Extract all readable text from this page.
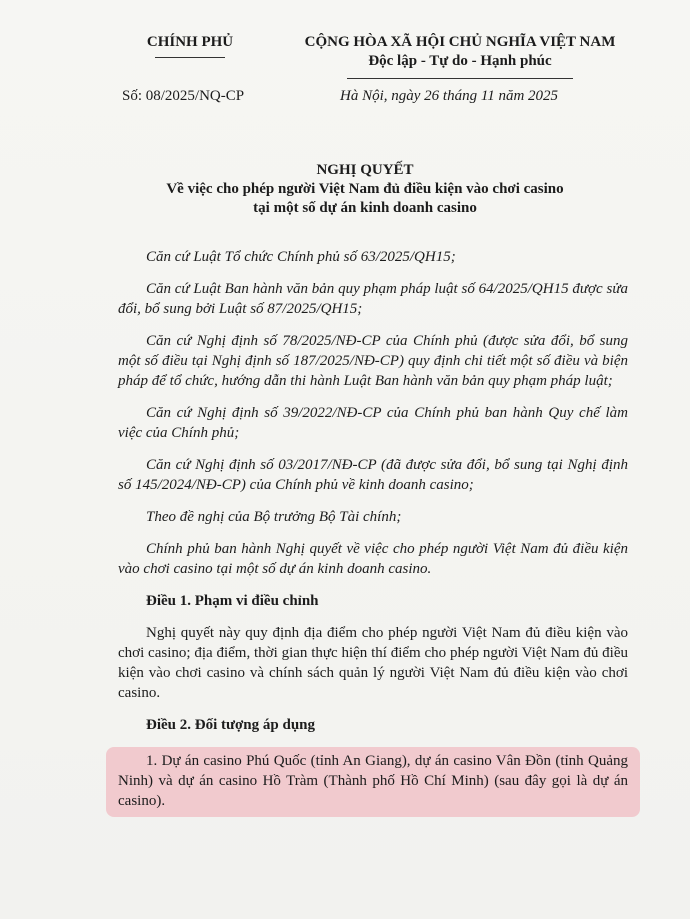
CHÍNH PHỦ	CỘNG HÒA XÃ HỘI CHỦ NGHĨA VIỆT NAM
Độc lập - Tự do - Hạnh phúc
Số: 08/2025/NQ-CP	Hà Nội, ngày 26 tháng 11 năm 2025
NGHỊ QUYẾT
Về việc cho phép người Việt Nam đủ điều kiện vào chơi casino
tại một số dự án kinh doanh casino

Căn cứ Luật Tổ chức Chính phủ số 63/2025/QH15;

Căn cứ Luật Ban hành văn bản quy phạm pháp luật số 64/2025/QH15 được sửa đổi, bổ sung bởi Luật số 87/2025/QH15;

Căn cứ Nghị định số 78/2025/NĐ-CP của Chính phủ (được sửa đổi, bổ sung một số điều tại Nghị định số 187/2025/NĐ-CP) quy định chi tiết một số điều và biện pháp để tổ chức, hướng dẫn thi hành Luật Ban hành văn bản quy phạm pháp luật;

Căn cứ Nghị định số 39/2022/NĐ-CP của Chính phủ ban hành Quy chế làm việc của Chính phủ;

Căn cứ Nghị định số 03/2017/NĐ-CP (đã được sửa đổi, bổ sung tại Nghị định số 145/2024/NĐ-CP) của Chính phủ về kinh doanh casino;

Theo đề nghị của Bộ trưởng Bộ Tài chính;

Chính phủ ban hành Nghị quyết về việc cho phép người Việt Nam đủ điều kiện vào chơi casino tại một số dự án kinh doanh casino.

Điều 1. Phạm vi điều chỉnh

Nghị quyết này quy định địa điểm cho phép người Việt Nam đủ điều kiện vào chơi casino; địa điểm, thời gian thực hiện thí điểm cho phép người Việt Nam đủ điều kiện vào chơi casino và chính sách quản lý người Việt Nam đủ điều kiện vào chơi casino.

Điều 2. Đối tượng áp dụng

1. Dự án casino Phú Quốc (tỉnh An Giang), dự án casino Vân Đồn (tỉnh Quảng Ninh) và dự án casino Hồ Tràm (Thành phố Hồ Chí Minh) (sau đây gọi là dự án casino).
